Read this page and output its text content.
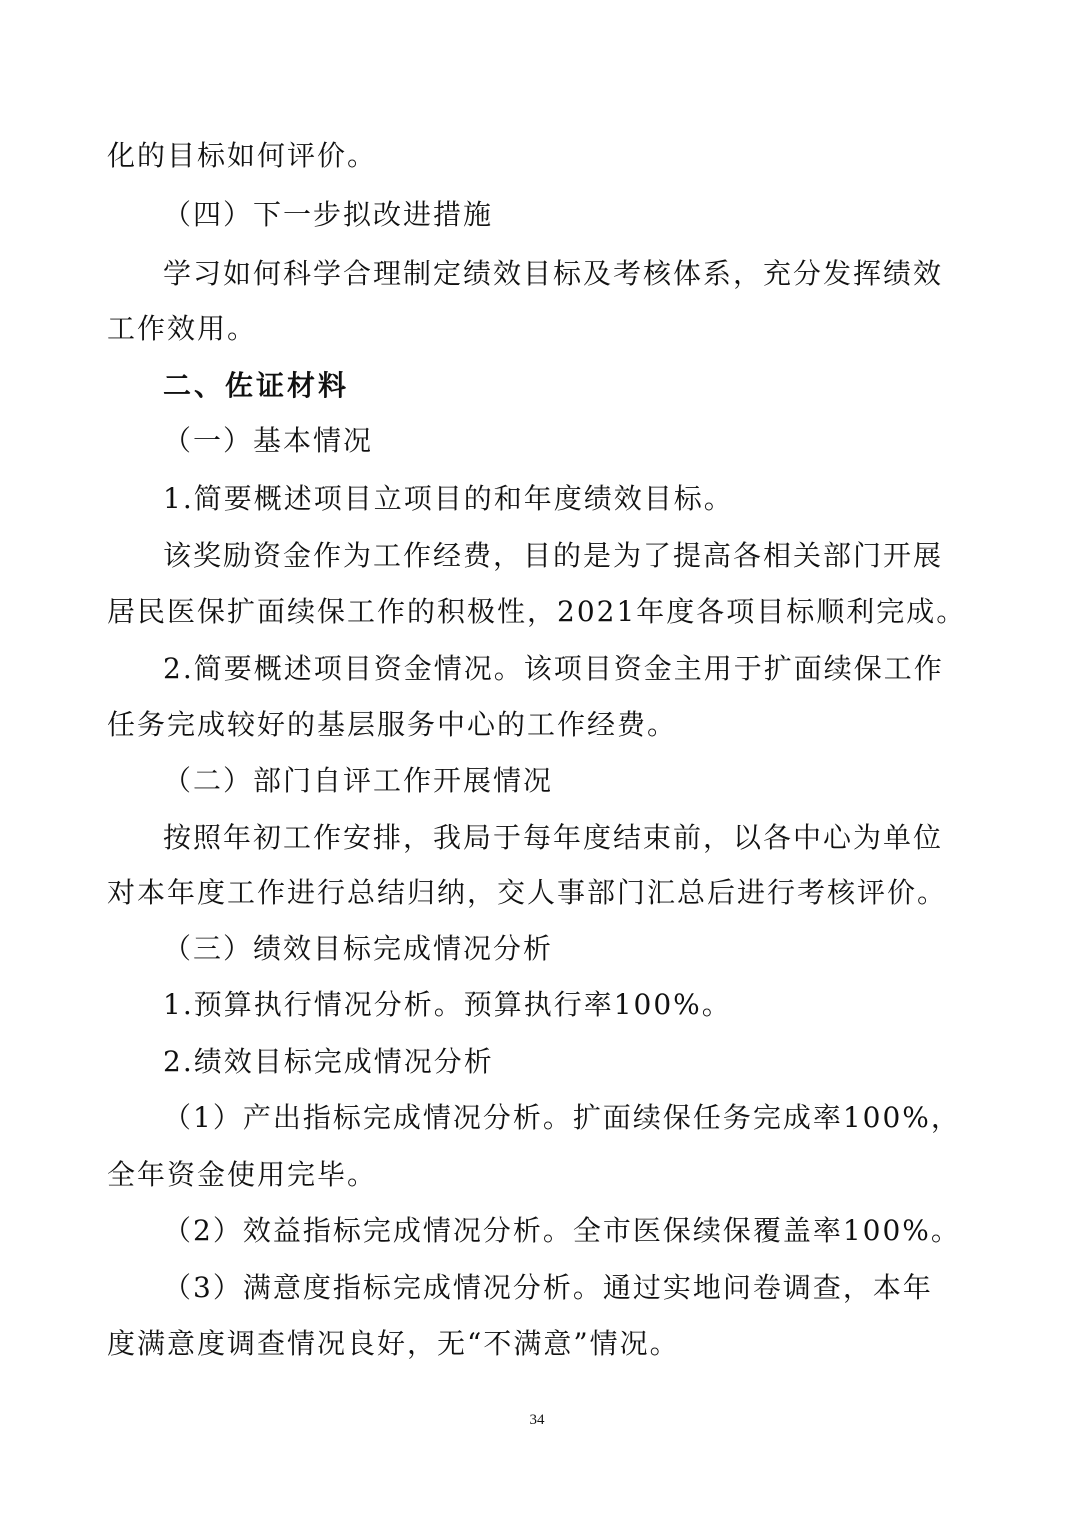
化的目标如何评价。
（四）下一步拟改进措施
学习如何科学合理制定绩效目标及考核体系，充分发挥绩效
工作效用。
二、佐证材料
（一）基本情况
1.简要概述项目立项目的和年度绩效目标。
该奖励资金作为工作经费，目的是为了提高各相关部门开展
居民医保扩面续保工作的积极性，2021年度各项目标顺利完成。
2.简要概述项目资金情况。该项目资金主用于扩面续保工作
任务完成较好的基层服务中心的工作经费。
（二）部门自评工作开展情况
按照年初工作安排，我局于每年度结束前，以各中心为单位
对本年度工作进行总结归纳，交人事部门汇总后进行考核评价。
（三）绩效目标完成情况分析
1.预算执行情况分析。预算执行率100%。
2.绩效目标完成情况分析
（1）产出指标完成情况分析。扩面续保任务完成率100%，
全年资金使用完毕。
（2）效益指标完成情况分析。全市医保续保覆盖率100%。
（3）满意度指标完成情况分析。通过实地问卷调查，本年
度满意度调查情况良好，无“不满意”情况。
34
